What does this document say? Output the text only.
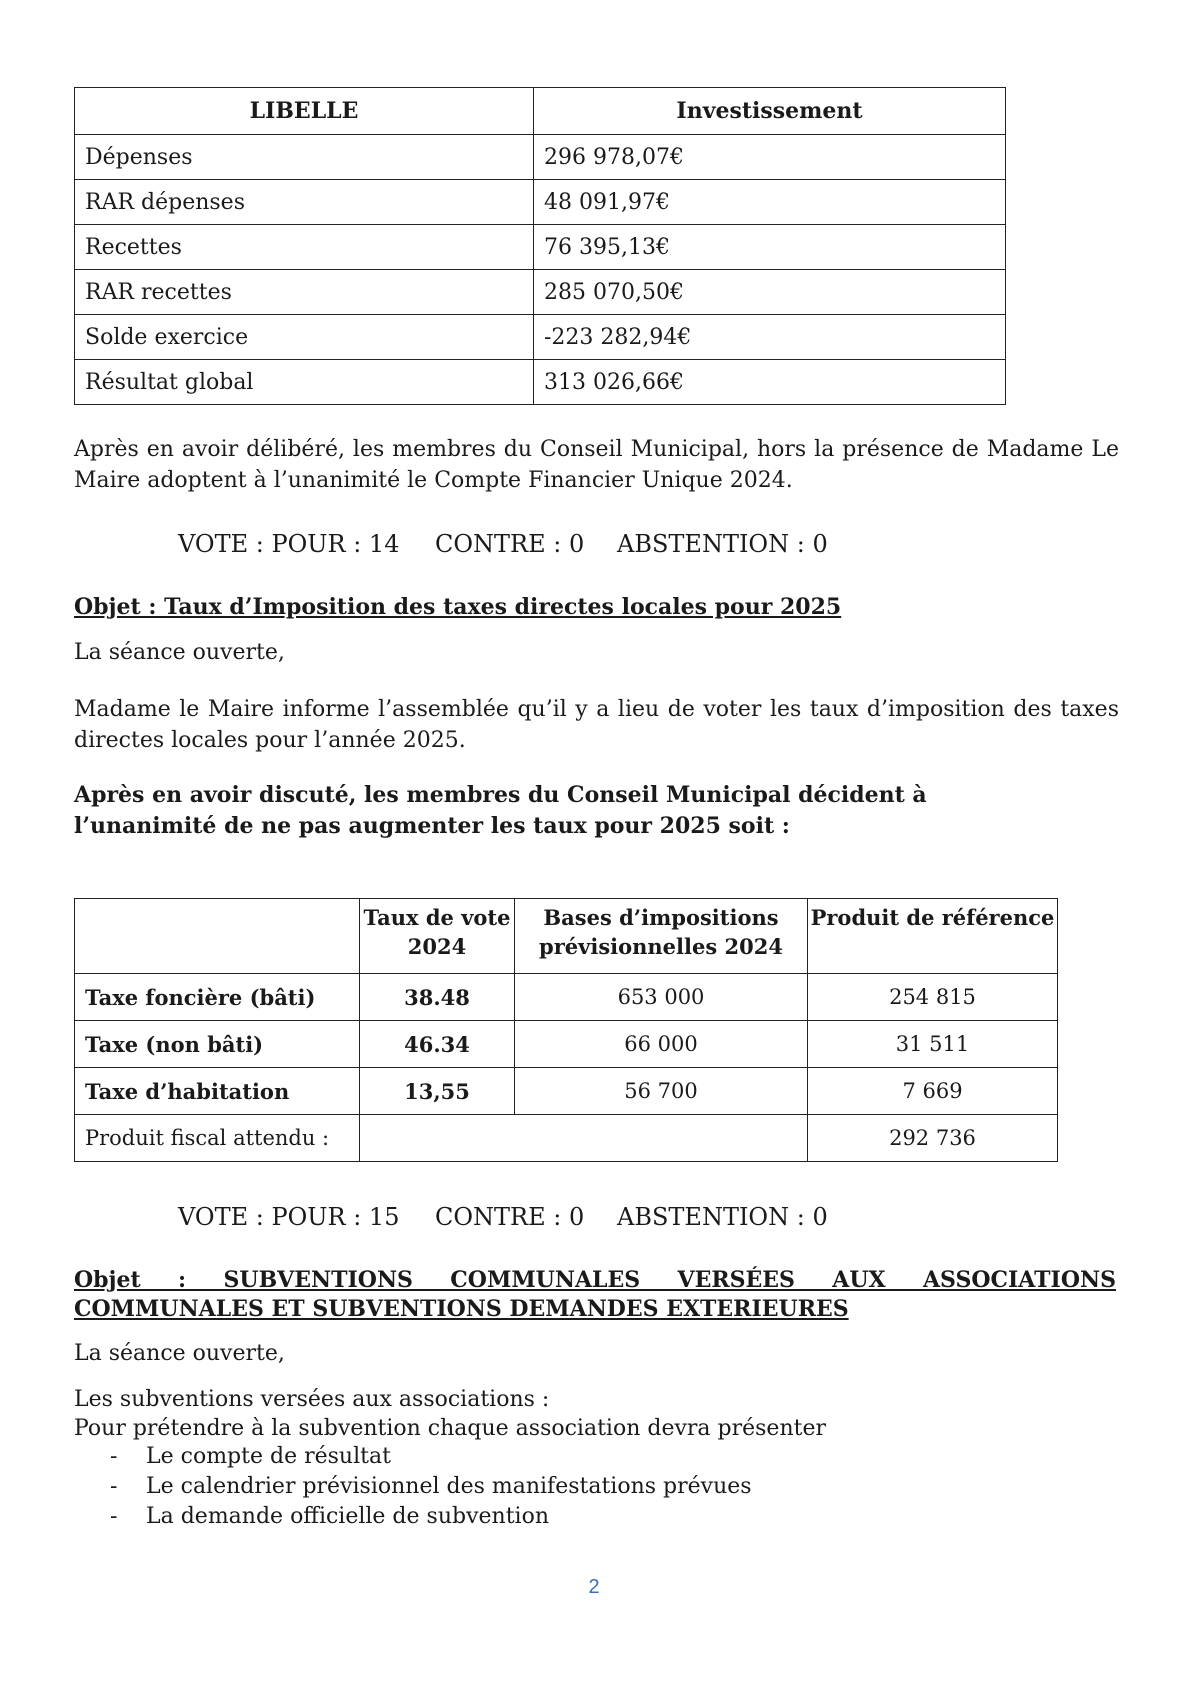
LIBELLE	Investissement
Dépenses	296 978,07€
RAR dépenses	48 091,97€
Recettes	76 395,13€
RAR recettes	285 070,50€
Solde exercice	-223 282,94€
Résultat global	313 026,66€

Après en avoir délibéré, les membres du Conseil Municipal, hors la présence de Madame Le Maire adoptent à l’unanimité le Compte Financier Unique 2024.

VOTE : POUR : 14 CONTRE : 0 ABSTENTION : 0

Objet : Taux d’Imposition des taxes directes locales pour 2025

La séance ouverte,

Madame le Maire informe l’assemblée qu’il y a lieu de voter les taux d’imposition des taxes directes locales pour l’année 2025.

Après en avoir discuté, les membres du Conseil Municipal décident à l’unanimité de ne pas augmenter les taux pour 2025 soit :

	Taux de vote 2024	Bases d’impositions prévisionnelles 2024	Produit de référence
Taxe foncière (bâti)	38.48	653 000	254 815
Taxe (non bâti)	46.34	66 000	31 511
Taxe d’habitation	13,55	56 700	7 669
Produit fiscal attendu :			292 736
VOTE : POUR : 15 CONTRE : 0 ABSTENTION : 0

Objet : SUBVENTIONS COMMUNALES VERSÉES AUX ASSOCIATIONS COMMUNALES ET SUBVENTIONS DEMANDES EXTERIEURES

La séance ouverte,

Les subventions versées aux associations :

Pour prétendre à la subvention chaque association devra présenter

- Le compte de résultat
- Le calendrier prévisionnel des manifestations prévues
- La demande officielle de subvention
2
